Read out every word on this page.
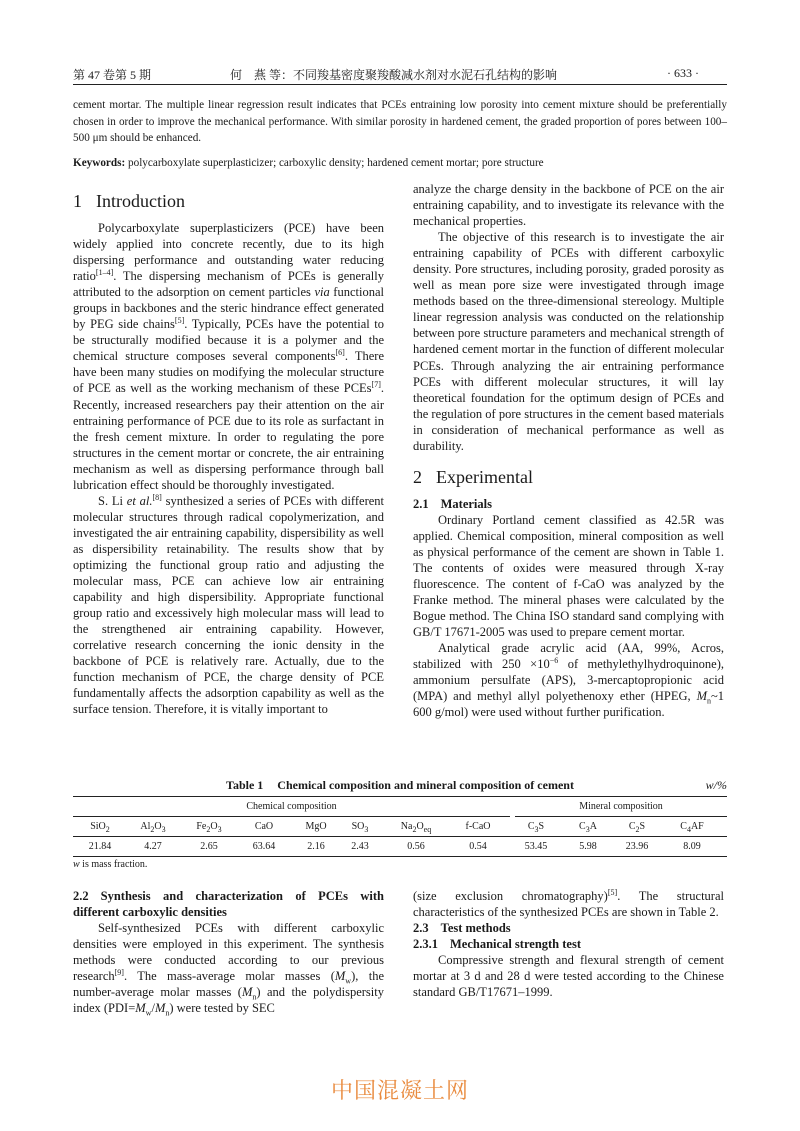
第 47 卷第 5 期	何　燕 等：不同羧基密度聚羧酸减水剂对水泥石孔结构的影响	· 633 ·
cement mortar. The multiple linear regression result indicates that PCEs entraining low porosity into cement mixture should be preferentially chosen in order to improve the mechanical performance. With similar porosity in hardened cement, the graded proportion of pores between 100–500 μm should be enhanced.
Keywords: polycarboxylate superplasticizer; carboxylic density; hardened cement mortar; pore structure
1 Introduction

Polycarboxylate superplasticizers (PCE) have been widely applied into concrete recently, due to its high dispersing performance and outstanding water reducing ratio[1–4]. The dispersing mechanism of PCEs is generally attributed to the adsorption on cement particles via functional groups in backbones and the steric hindrance effect generated by PEG side chains[5]. Typically, PCEs have the potential to be structurally modified because it is a polymer and the chemical structure composes several components[6]. There have been many studies on modifying the molecular structure of PCE as well as the working mechanism of these PCEs[7]. Recently, increased researchers pay their attention on the air entraining performance of PCE due to its role as surfactant in the fresh cement mixture. In order to regulating the pore structures in the cement mortar or concrete, the air entraining mechanism as well as dispersing performance through ball lubrication effect should be thoroughly investigated.

S. Li et al.[8] synthesized a series of PCEs with different molecular structures through radical copolymerization, and investigated the air entraining capability, dispersibility as well as dispersibility retainability. The results show that by optimizing the functional group ratio and adjusting the molecular mass, PCE can achieve low air entraining capability and high dispersibility. Appropriate functional group ratio and excessively high molecular mass will lead to the strengthened air entraining capability. However, correlative research concerning the ionic density in the backbone of PCE is relatively rare. Actually, due to the function mechanism of PCE, the charge density of PCE fundamentally affects the adsorption capability as well as the surface tension. Therefore, it is vitally important to

analyze the charge density in the backbone of PCE on the air entraining capability, and to investigate its relevance with the mechanical properties.

The objective of this research is to investigate the air entraining capability of PCEs with different carboxylic density. Pore structures, including porosity, graded porosity as well as mean pore size were investigated through image methods based on the three-dimensional stereology. Multiple linear regression analysis was conducted on the relationship between pore structure parameters and mechanical strength of hardened cement mortar in the function of different molecular PCEs. Through analyzing the air entraining performance PCEs with different molecular structures, it will lay theoretical foundation for the optimum design of PCEs and the regulation of pore structures in the cement based materials in consideration of mechanical performance as well as durability.

2 Experimental
2.1 Materials

Ordinary Portland cement classified as 42.5R was applied. Chemical composition, mineral composition as well as physical performance of the cement are shown in Table 1. The contents of oxides were measured through X-ray fluorescence. The content of f-CaO was analyzed by the Franke method. The mineral phases were calculated by the Bogue method. The China ISO standard sand complying with GB/T 17671-2005 was used to prepare cement mortar.

Analytical grade acrylic acid (AA, 99%, Acros, stabilized with $250 \times 10^{-6}$ of methylethylhydroquinone), ammonium persulfate (APS), 3-mercaptopropionic acid (MPA) and methyl allyl polyethenoxy ether (HPEG, $M_n\sim 1$ 600 g/mol) were used without further purification.

Table 1 Chemical composition and mineral composition of cement	w/%
Chemical composition	Mineral composition
SiO$_2$	$Al_2O_3$	$Fe_2O_3$	CaO	MgO	$SO_3$	$Na_2O_{eq}$	f-CaO	$C_3S$	$C_3A$	$C_2S$	$C_4AF$
21.84	4.27	2.65	63.64	2.16	2.43	0.56	0.54	53.45	5.98	23.96	8.09
w is mass fraction.
2.2 Synthesis and characterization of PCEs with different carboxylic densities

Self-synthesized PCEs with different carboxylic densities were employed in this experiment. The synthesis methods were conducted according to our previous research[9]. The mass-average molar masses $(M_w)$, the number-average molar masses $(M_n)$ and the polydispersity index $(PDI=M_w/M_n)$ were tested by SEC

(size exclusion chromatography)[5]. The structural characteristics of the synthesized PCEs are shown in Table 2.

2.3 Test methods
2.3.1 Mechanical strength test

Compressive strength and flexural strength of cement mortar at 3 d and 28 d were tested according to the Chinese standard GB/T17671–1999.

中国混凝土网
